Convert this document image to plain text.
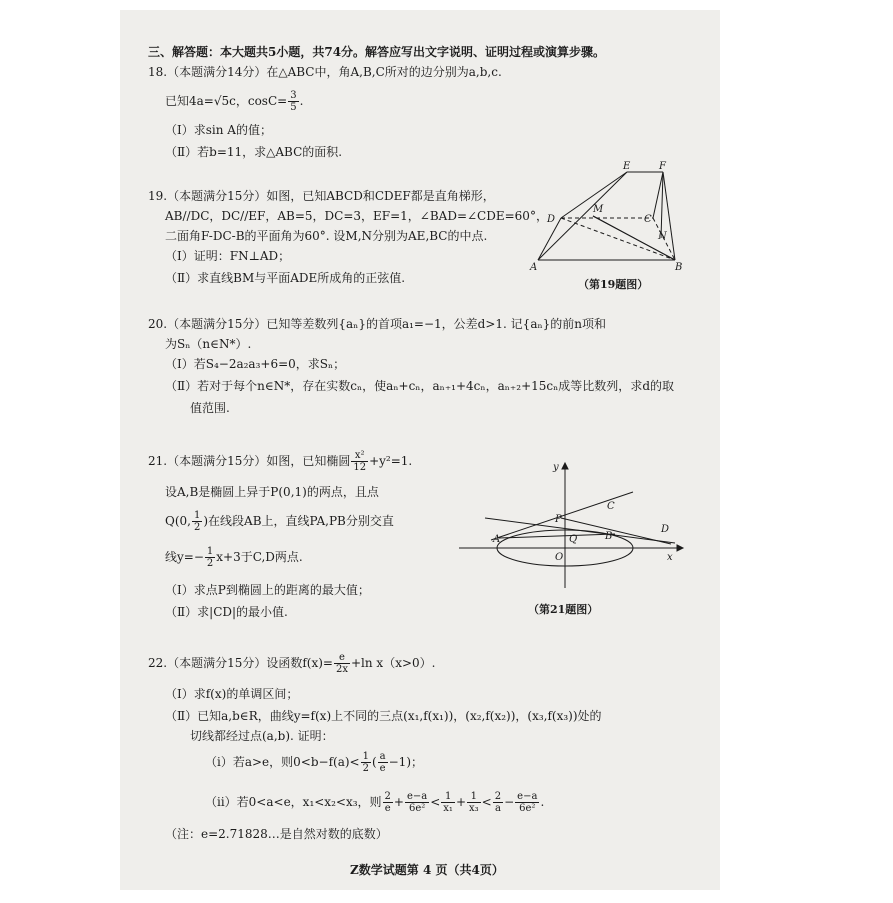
三、解答题：本大题共5小题，共74分。解答应写出文字说明、证明过程或演算步骤。
18.（本题满分14分）在△ABC中，角A,B,C所对的边分别为a,b,c.
已知4a=√5c，$\cos C= \frac{3}{5}$ .
（Ⅰ）求sin A的值；
（Ⅱ）若b=11，求△ABC的面积.
19.（本题满分15分）如图，已知ABCD和CDEF都是直角梯形，
AB//DC，DC//EF，AB=5，DC=3，EF=1，∠BAD=∠CDE=60°，
二面角F-DC-B的平面角为60°. 设M,N分别为AE,BC的中点.
（Ⅰ）证明：FN⊥AD；
（Ⅱ）求直线BM与平面ADE所成角的正弦值.
E	F
D
M
C
N
A	B
（第19题图）
20.（本题满分15分）已知等差数列{aₙ}的首项a₁=−1，公差d>1. 记{aₙ}的前n项和
为Sₙ（n∈N*）.
（Ⅰ）若S₄−2a₂a₃+6=0，求Sₙ；
（Ⅱ）若对于每个n∈N*，存在实数cₙ，使aₙ+cₙ，aₙ₊₁+4cₙ，aₙ₊₂+15cₙ成等比数列，求d的取
值范围.
21.（本题满分15分）如图，已知椭圆 $\frac{\text{x²}}{12} +y^2=1$.
设A,B是椭圆上异于P(0,1)的两点，且点
Q(0, $\frac{1}{2}$ )在线段AB上，直线PA,PB分别交直
线$y=- \frac{1}{2} x+3$于C,D两点.
（Ⅰ）求点P到椭圆上的距离的最大值；
（Ⅱ）求|CD|的最小值.
y
x
A	B
C
D
P
Q
O
（第21题图）
22.（本题满分15分）设函数$f(x)= \frac{e}{2x} +\ln$ x（x>0）.
（Ⅰ）求f(x)的单调区间；
（Ⅱ）已知a,b∈R，曲线y=f(x)上不同的三点(x₁,f(x₁))，(x₂,f(x₂))，(x₃,f(x₃))处的
切线都经过点(a,b). 证明：
（ⅰ）若a>e，则$0<b-f(a)< \frac{1}{2}$ ( $\frac{a}{e} -1$)；
（ⅱ）若0<a<e，x₁<x₂<x₃，则 $\frac{2}{e} + \frac{e-a}{\text{6e²}} < \frac{1}{\text{x₁}} + \frac{1}{\text{x₃}} < \frac{2}{a} - \frac{e-a}{\text{6e²}}$ .
（注：e=2.71828…是自然对数的底数）
Z数学试题第 4 页（共4页）
